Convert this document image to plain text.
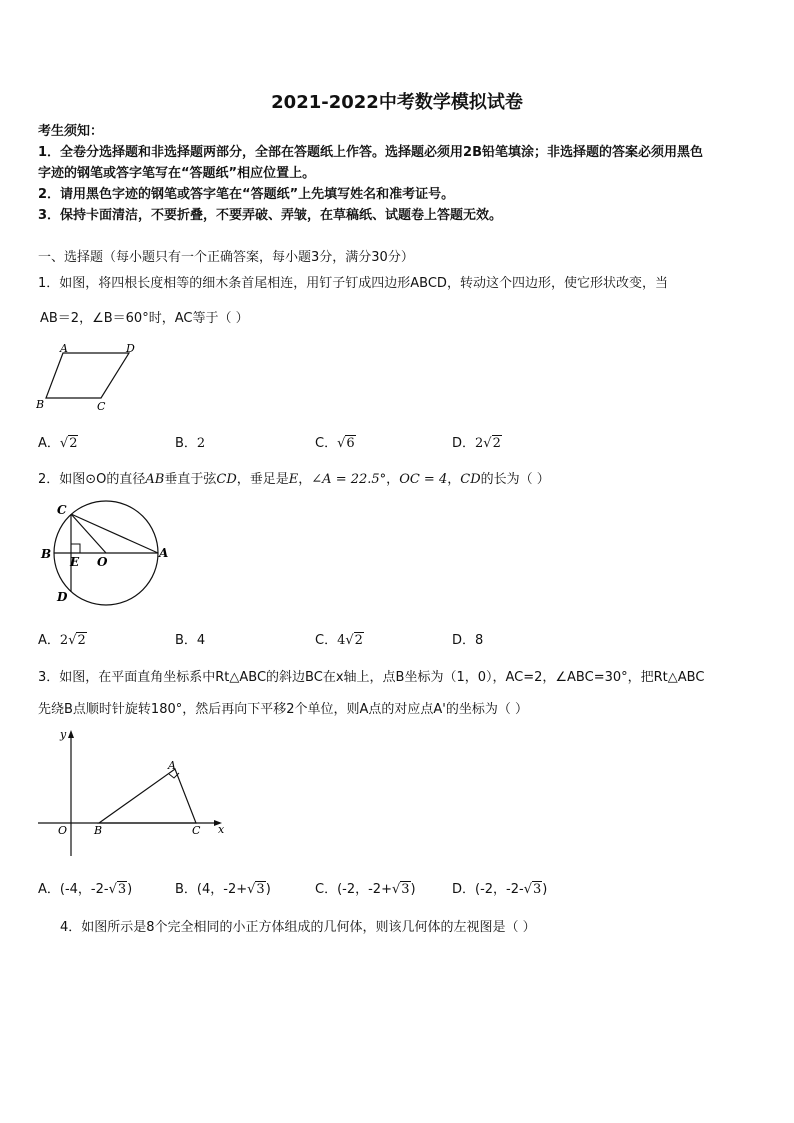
2021-2022中考数学模拟试卷
考生须知：
1．全卷分选择题和非选择题两部分，全部在答题纸上作答。选择题必须用2B铅笔填涂；非选择题的答案必须用黑色
字迹的钢笔或答字笔写在“答题纸”相应位置上。
2．请用黑色字迹的钢笔或答字笔在“答题纸”上先填写姓名和准考证号。
3．保持卡面清洁，不要折叠，不要弄破、弄皱，在草稿纸、试题卷上答题无效。
一、选择题（每小题只有一个正确答案，每小题3分，满分30分）
1．如图，将四根长度相等的细木条首尾相连，用钉子钉成四边形ABCD，转动这个四边形，使它形状改变，当
AB＝2，∠B＝60°时，AC等于（ ）
A	D
B	C
A．√2	B．2	C．√6	D．2√2
2．如图⊙O的直径AB垂直于弦CD，垂足是E，∠A = 22.5°，OC = 4，CD的长为（ ）
C
B
E O
A
D
A．2√2	B．4	C．4√2	D．8
3．如图，在平面直角坐标系中Rt△ABC的斜边BC在x轴上，点B坐标为（1，0），AC=2，∠ABC=30°，把Rt△ABC
先绕B点顺时针旋转180°，然后再向下平移2个单位，则A点的对应点A'的坐标为（ ）
y
x
O B	C
A
A．(-4，-2-√3)	B．(4，-2+√3)	C．(-2，-2+√3)	D．(-2，-2-√3)
4．如图所示是8个完全相同的小正方体组成的几何体，则该几何体的左视图是（ ）
